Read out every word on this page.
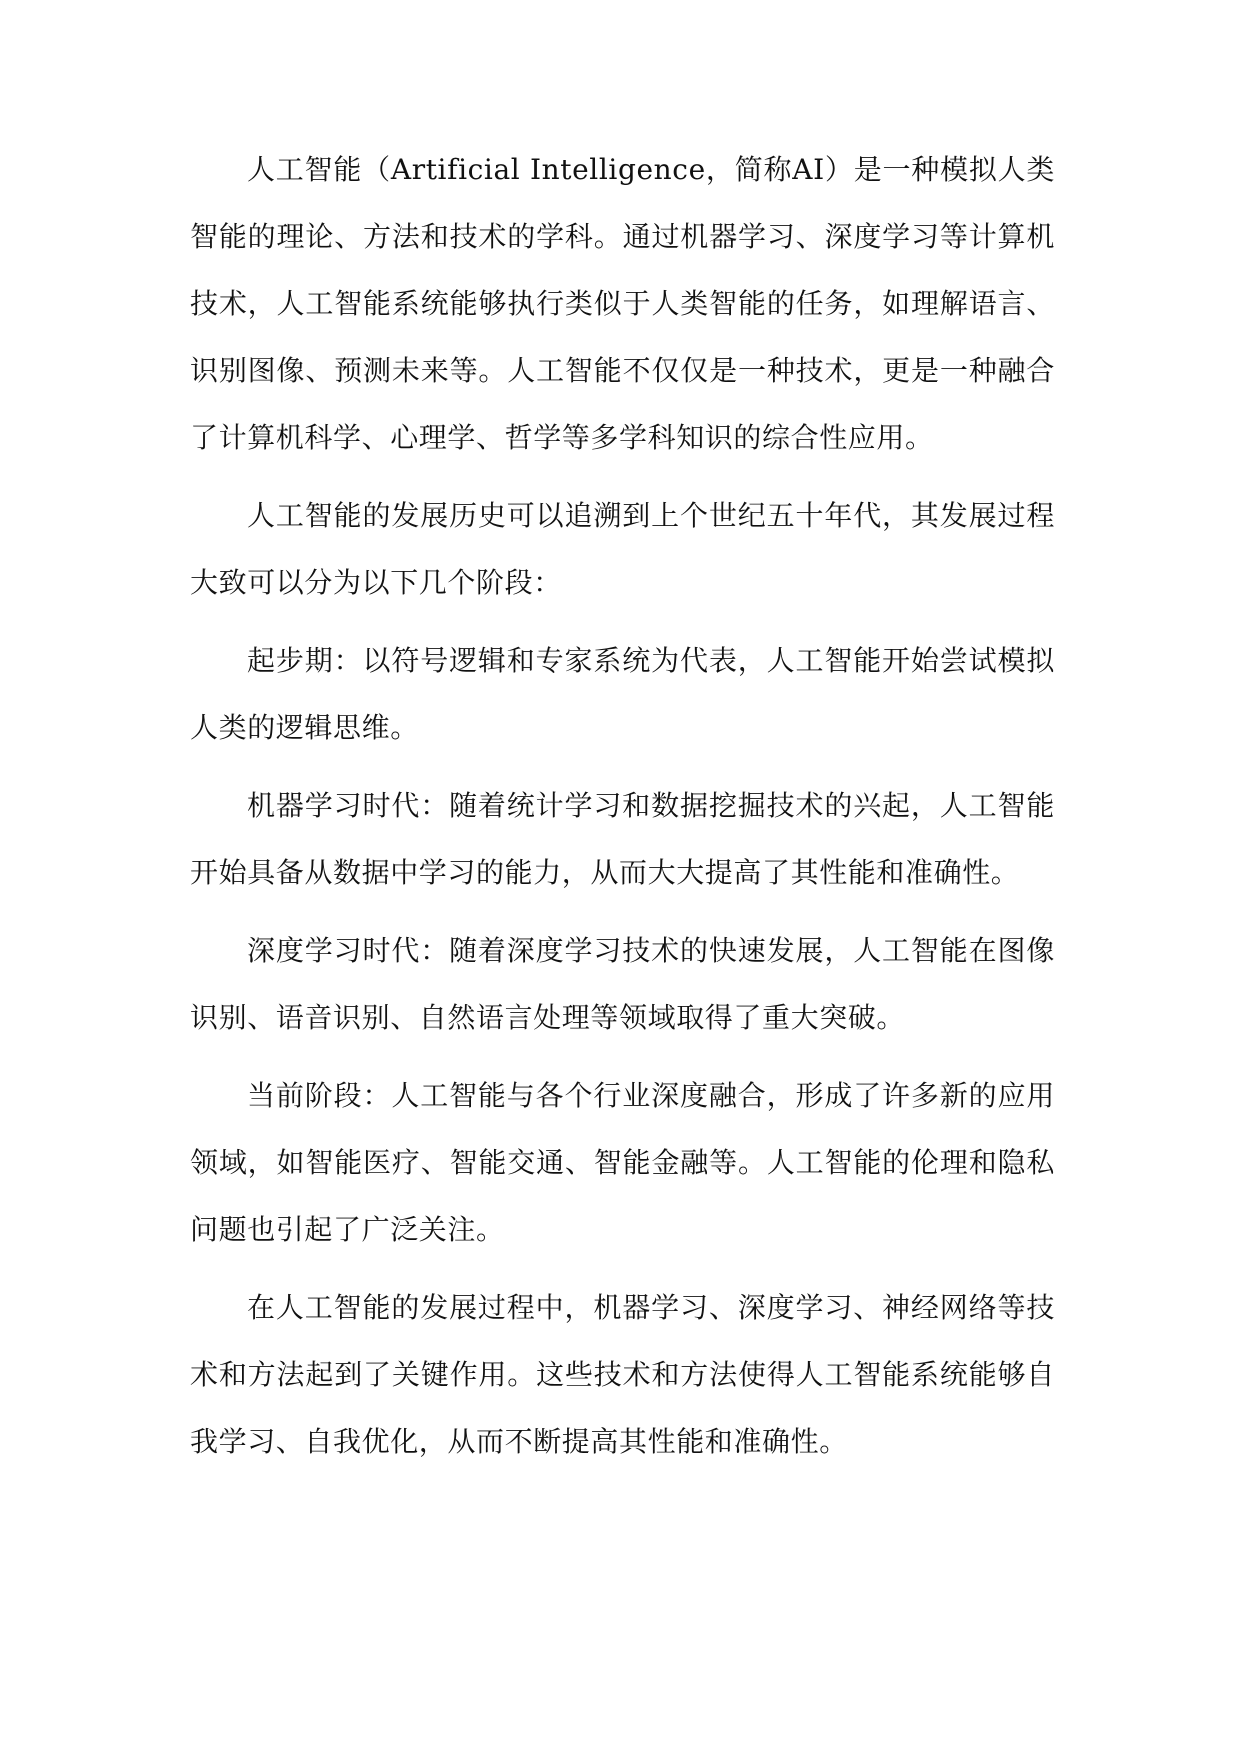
人工智能（Artificial Intelligence，简称AI）是一种模拟人类智能的理论、方法和技术的学科。通过机器学习、深度学习等计算机技术，人工智能系统能够执行类似于人类智能的任务，如理解语言、识别图像、预测未来等。人工智能不仅仅是一种技术，更是一种融合了计算机科学、心理学、哲学等多学科知识的综合性应用。

人工智能的发展历史可以追溯到上个世纪五十年代，其发展过程大致可以分为以下几个阶段：

起步期：以符号逻辑和专家系统为代表，人工智能开始尝试模拟人类的逻辑思维。

机器学习时代：随着统计学习和数据挖掘技术的兴起，人工智能开始具备从数据中学习的能力，从而大大提高了其性能和准确性。

深度学习时代：随着深度学习技术的快速发展，人工智能在图像识别、语音识别、自然语言处理等领域取得了重大突破。

当前阶段：人工智能与各个行业深度融合，形成了许多新的应用领域，如智能医疗、智能交通、智能金融等。人工智能的伦理和隐私问题也引起了广泛关注。

在人工智能的发展过程中，机器学习、深度学习、神经网络等技术和方法起到了关键作用。这些技术和方法使得人工智能系统能够自我学习、自我优化，从而不断提高其性能和准确性。
